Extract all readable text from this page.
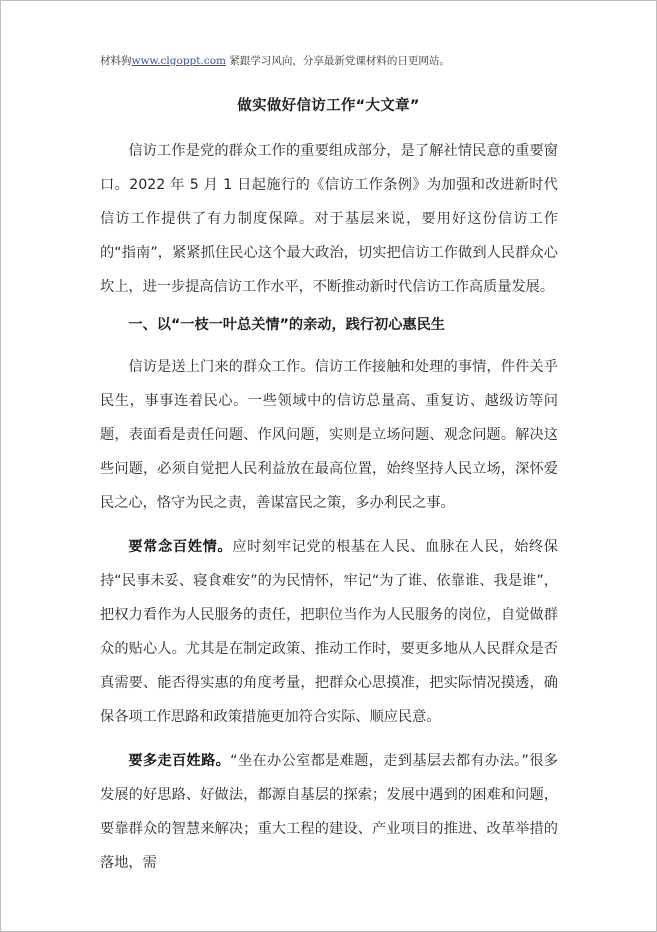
材料狗www.clgoppt.com 紧跟学习风向，分享最新党课材料的日更网站。
做实做好信访工作“大文章”

信访工作是党的群众工作的重要组成部分，是了解社情民意的重要窗口。2022 年 5 月 1 日起施行的《信访工作条例》为加强和改进新时代信访工作提供了有力制度保障。对于基层来说，要用好这份信访工作的“指南”，紧紧抓住民心这个最大政治，切实把信访工作做到人民群众心坎上，进一步提高信访工作水平，不断推动新时代信访工作高质量发展。

一、以“一枝一叶总关情”的亲动，践行初心惠民生

信访是送上门来的群众工作。信访工作接触和处理的事情，件件关乎民生，事事连着民心。一些领域中的信访总量高、重复访、越级访等问题，表面看是责任问题、作风问题，实则是立场问题、观念问题。解决这些问题，必须自觉把人民利益放在最高位置，始终坚持人民立场，深怀爱民之心，恪守为民之责，善谋富民之策，多办利民之事。

要常念百姓情。应时刻牢记党的根基在人民、血脉在人民，始终保持“民事未妥、寝食难安”的为民情怀，牢记“为了谁、依靠谁、我是谁”，把权力看作为人民服务的责任，把职位当作为人民服务的岗位，自觉做群众的贴心人。尤其是在制定政策、推动工作时，要更多地从人民群众是否真需要、能否得实惠的角度考量，把群众心思摸准，把实际情况摸透，确保各项工作思路和政策措施更加符合实际、顺应民意。

要多走百姓路。“坐在办公室都是难题，走到基层去都有办法。”很多发展的好思路、好做法，都源自基层的探索；发展中遇到的困难和问题，要靠群众的智慧来解决；重大工程的建设、产业项目的推进、改革举措的落地，需
